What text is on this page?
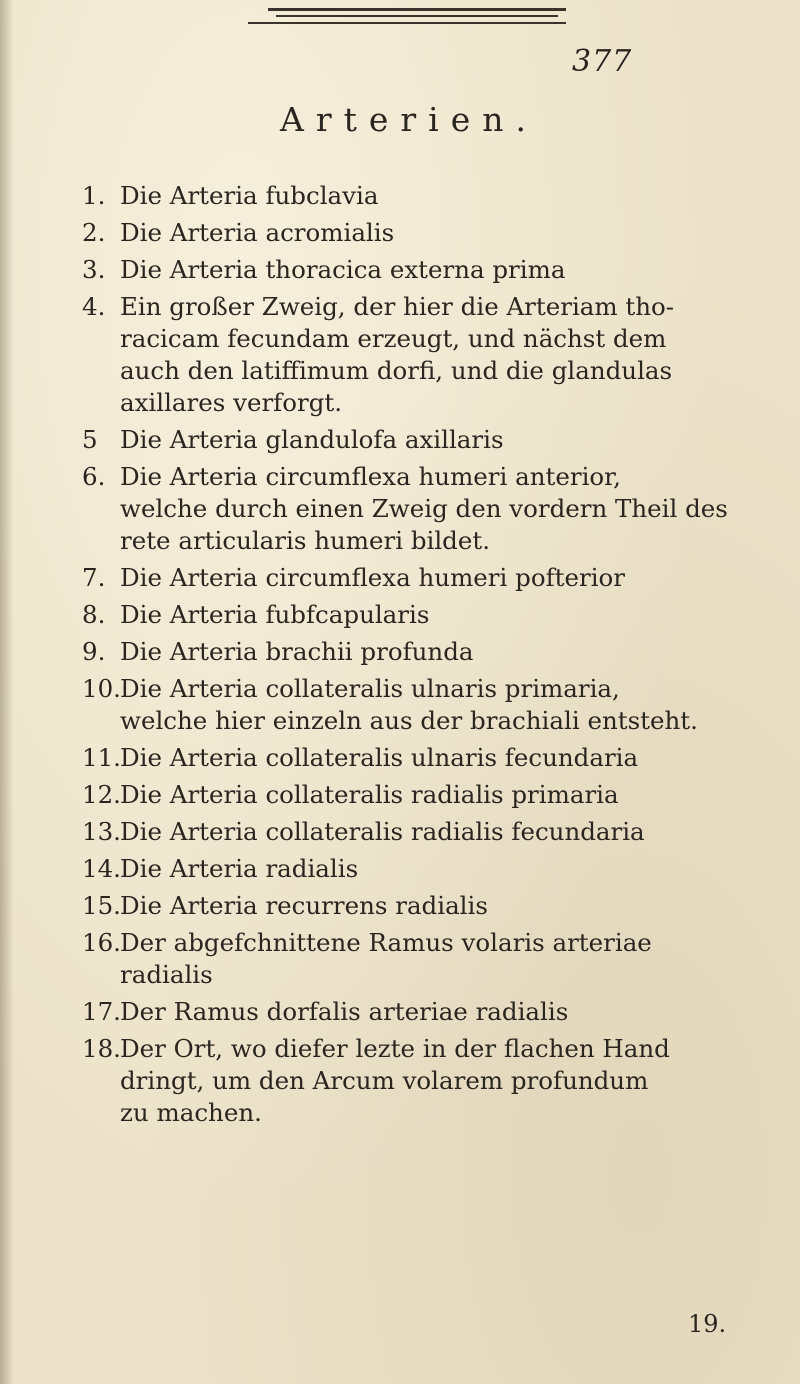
377
Arterien.
1. Die Arteria fubclavia
2. Die Arteria acromialis
3. Die Arteria thoracica externa prima
4. Ein großer Zweig, der hier die Arteriam tho-
racicam fecundam erzeugt, und nächst dem
auch den latiffimum dorfi, und die glandulas
axillares verforgt.
5 Die Arteria glandulofa axillaris
6. Die Arteria circumflexa humeri anterior,
welche durch einen Zweig den vordern Theil des
rete articularis humeri bildet.
7. Die Arteria circumflexa humeri pofterior
8. Die Arteria fubfcapularis
9. Die Arteria brachii profunda
10.Die Arteria collateralis ulnaris primaria,
welche hier einzeln aus der brachiali entsteht.
11.Die Arteria collateralis ulnaris fecundaria
12.Die Arteria collateralis radialis primaria
13.Die Arteria collateralis radialis fecundaria
14.Die Arteria radialis
15.Die Arteria recurrens radialis
16.Der abgefchnittene Ramus volaris arteriae
radialis
17.Der Ramus dorfalis arteriae radialis
18.Der Ort, wo diefer lezte in der flachen Hand
dringt, um den Arcum volarem profundum
zu machen.
19.
